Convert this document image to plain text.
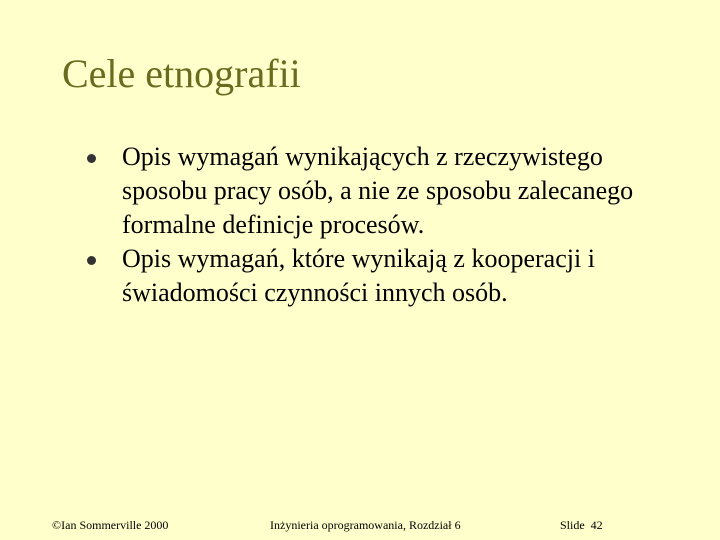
Cele etnografii
Opis wymagań wynikających z rzeczywistego sposobu pracy osób, a nie ze sposobu zalecanego formalne definicje procesów.
Opis wymagań, które wynikają z kooperacji i świadomości czynności innych osób.
©Ian Sommerville 2000	Inżynieria oprogramowania, Rozdział 6	Slide  42
